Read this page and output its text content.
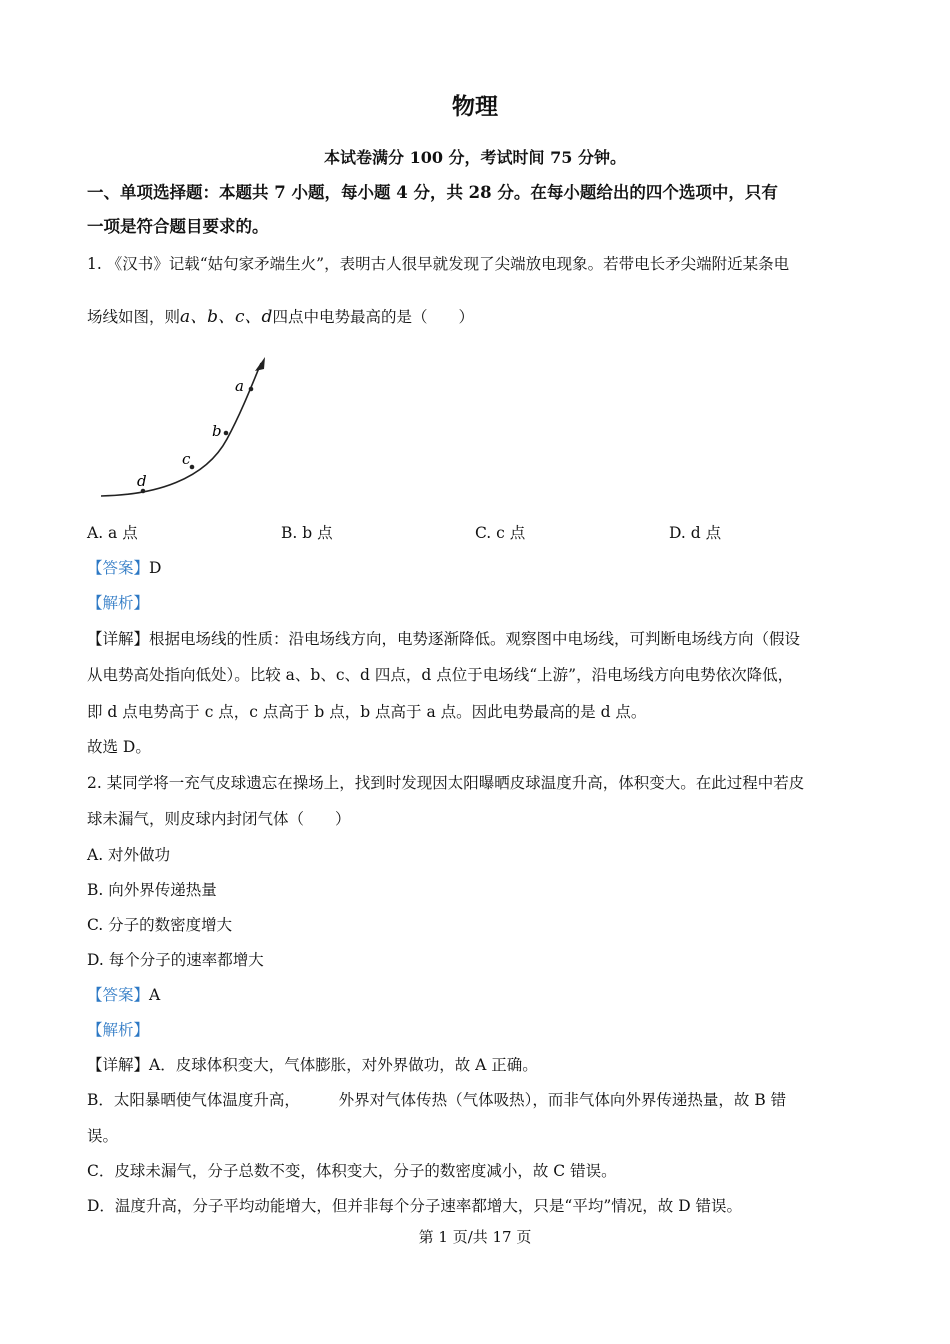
物理
本试卷满分 100 分，考试时间 75 分钟。
一、单项选择题：本题共 7 小题，每小题 4 分，共 28 分。在每小题给出的四个选项中，只有
一项是符合题目要求的。
1. 《汉书》记载“姑句家矛端生火”，表明古人很早就发现了尖端放电现象。若带电长矛尖端附近某条电
场线如图，则a、b、c、d四点中电势最高的是（　　）
a
b
c
d
A. a 点	B. b 点	C. c 点	D. d 点
【答案】D
【解析】
【详解】根据电场线的性质：沿电场线方向，电势逐渐降低。观察图中电场线，可判断电场线方向（假设
从电势高处指向低处）。比较 a、b、c、d 四点，d 点位于电场线“上游”，沿电场线方向电势依次降低，
即 d 点电势高于 c 点，c 点高于 b 点，b 点高于 a 点。因此电势最高的是 d 点。
故选 D。
2. 某同学将一充气皮球遗忘在操场上，找到时发现因太阳曝晒皮球温度升高，体积变大。在此过程中若皮
球未漏气，则皮球内封闭气体（　　）
A. 对外做功
B. 向外界传递热量
C. 分子的数密度增大
D. 每个分子的速率都增大
【答案】A
【解析】
【详解】A．皮球体积变大，气体膨胀，对外界做功，故 A 正确。
B．太阳暴晒使气体温度升高，　　　外界对气体传热（气体吸热），而非气体向外界传递热量，故 B 错
误。
C．皮球未漏气，分子总数不变，体积变大，分子的数密度减小，故 C 错误。
D．温度升高，分子平均动能增大，但并非每个分子速率都增大，只是“平均”情况，故 D 错误。
第 1 页/共 17 页
